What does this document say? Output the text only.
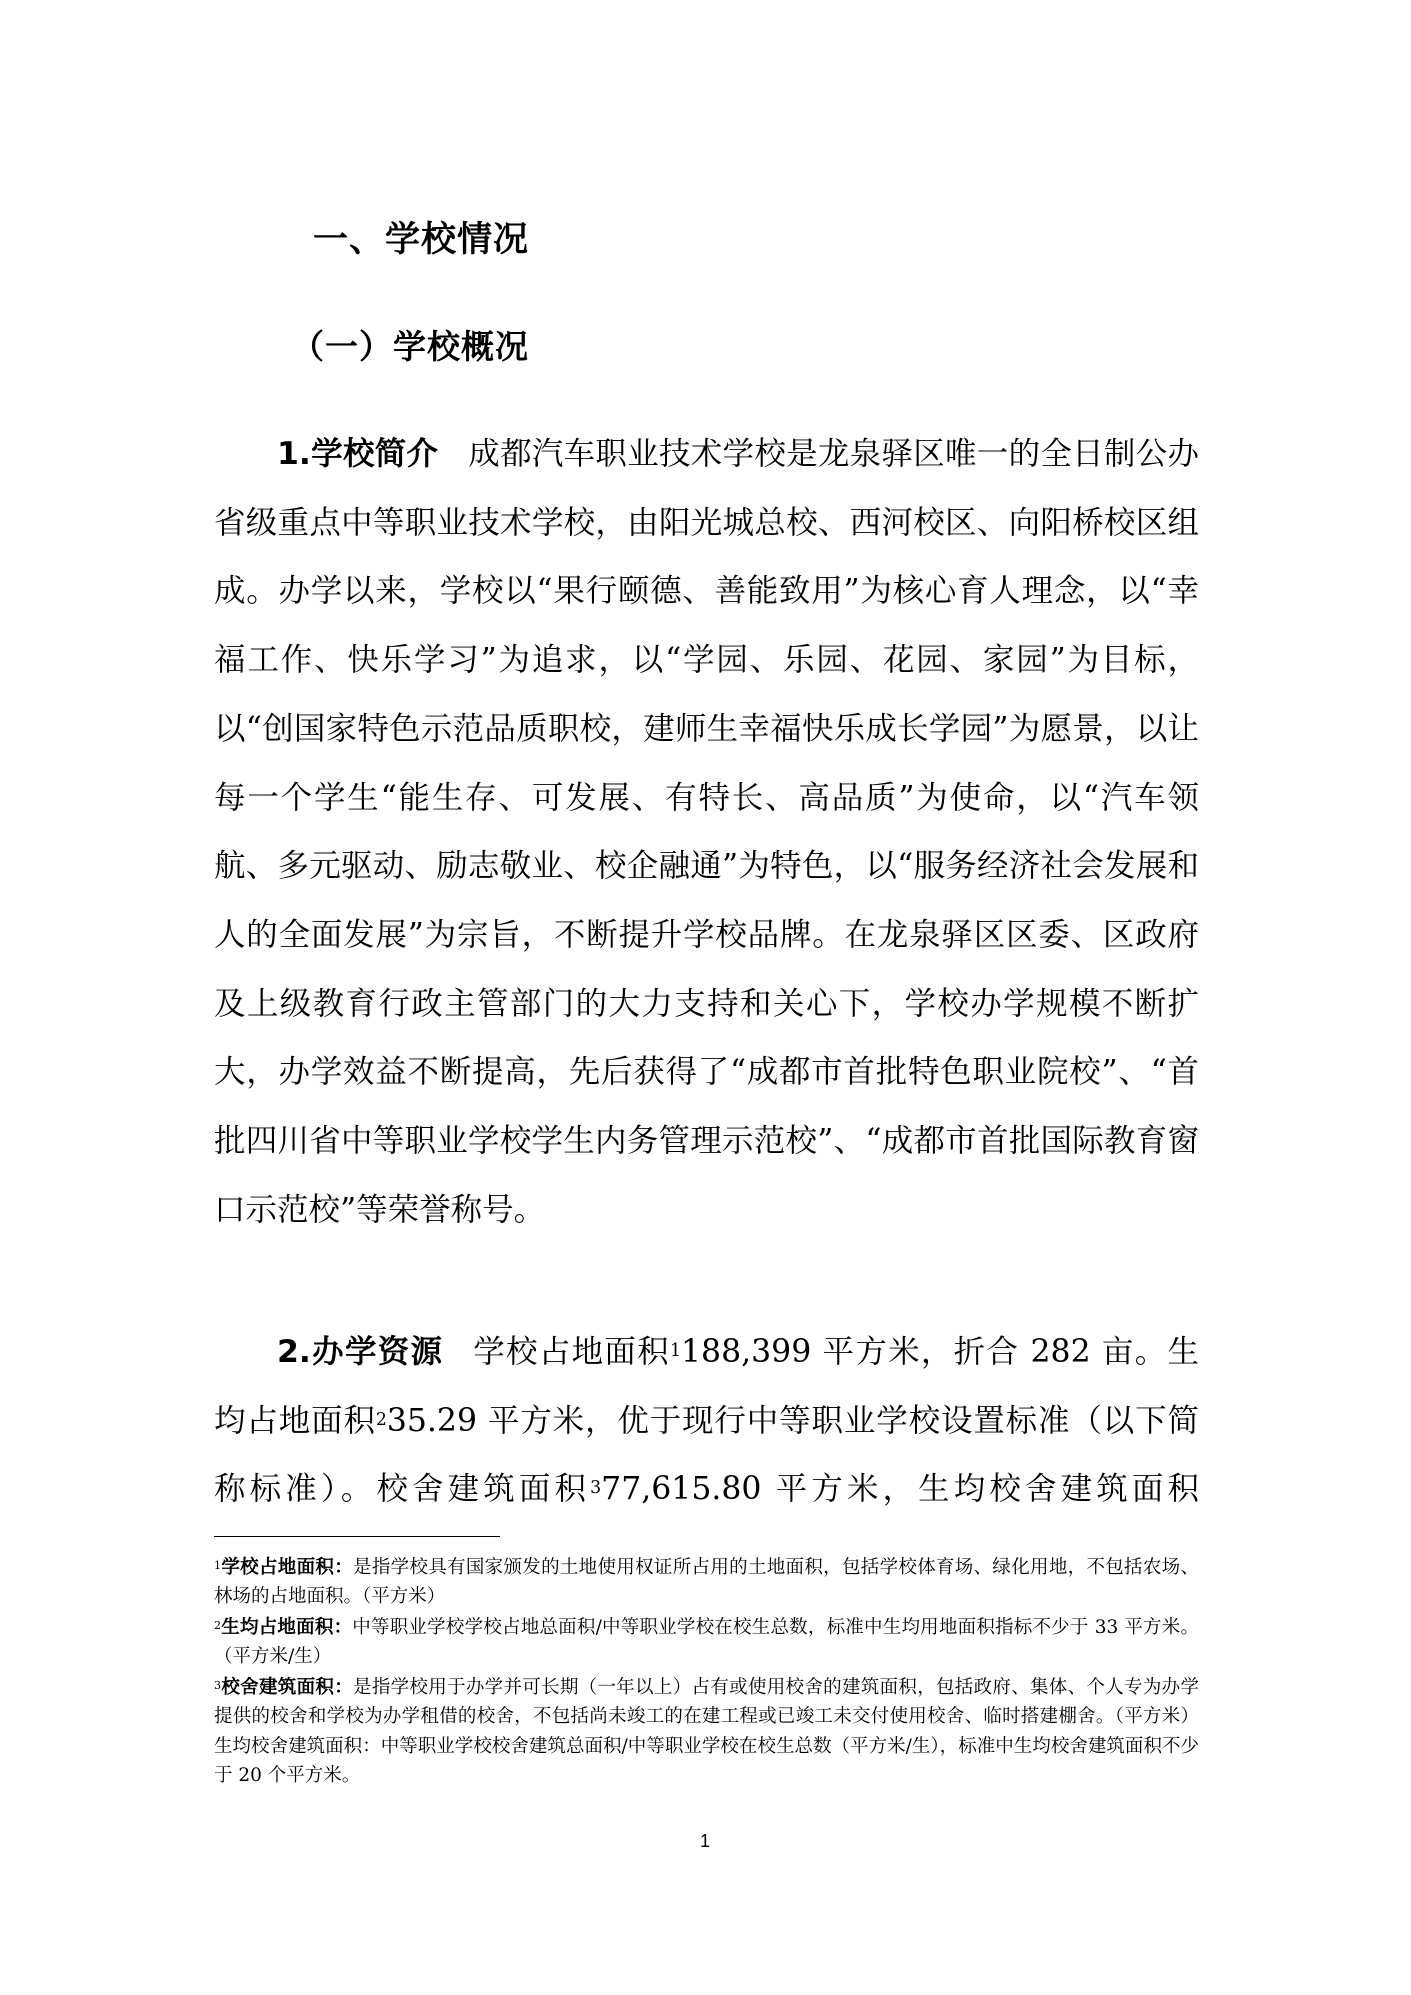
一、学校情况
（一）学校概况

1.学校简介 成都汽车职业技术学校是龙泉驿区唯一的全日制公办省级重点中等职业技术学校，由阳光城总校、西河校区、向阳桥校区组成。办学以来，学校以“果行颐德、善能致用”为核心育人理念，以“幸福工作、快乐学习”为追求，以“学园、乐园、花园、家园”为目标，以“创国家特色示范品质职校，建师生幸福快乐成长学园”为愿景，以让每一个学生“能生存、可发展、有特长、高品质”为使命，以“汽车领航、多元驱动、励志敬业、校企融通”为特色，以“服务经济社会发展和人的全面发展”为宗旨，不断提升学校品牌。在龙泉驿区区委、区政府及上级教育行政主管部门的大力支持和关心下，学校办学规模不断扩大，办学效益不断提高，先后获得了“成都市首批特色职业院校”、“首批四川省中等职业学校学生内务管理示范校”、“成都市首批国际教育窗口示范校”等荣誉称号。

2.办学资源 学校占地面积$^1$188,399 平方米，折合 282 亩。生均占地面积$^2$35.29 平方米，优于现行中等职业学校设置标准（以下简称标准）。校舍建筑面积$^3$77,615.80 平方米，生均校舍建筑面积

$^1$学校占地面积：是指学校具有国家颁发的土地使用权证所占用的土地面积，包括学校体育场、绿化用地，不包括农场、林场的占地面积。（平方米）
$^2$生均占地面积：中等职业学校学校占地总面积/中等职业学校在校生总数，标准中生均用地面积指标不少于 33 平方米。（平方米/生）
$^3$校舍建筑面积：是指学校用于办学并可长期（一年以上）占有或使用校舍的建筑面积，包括政府、集体、个人专为办学提供的校舍和学校为办学租借的校舍，不包括尚未竣工的在建工程或已竣工未交付使用校舍、临时搭建棚舍。（平方米）生均校舍建筑面积：中等职业学校校舍建筑总面积/中等职业学校在校生总数（平方米/生），标准中生均校舍建筑面积不少于 20 个平方米。
1
